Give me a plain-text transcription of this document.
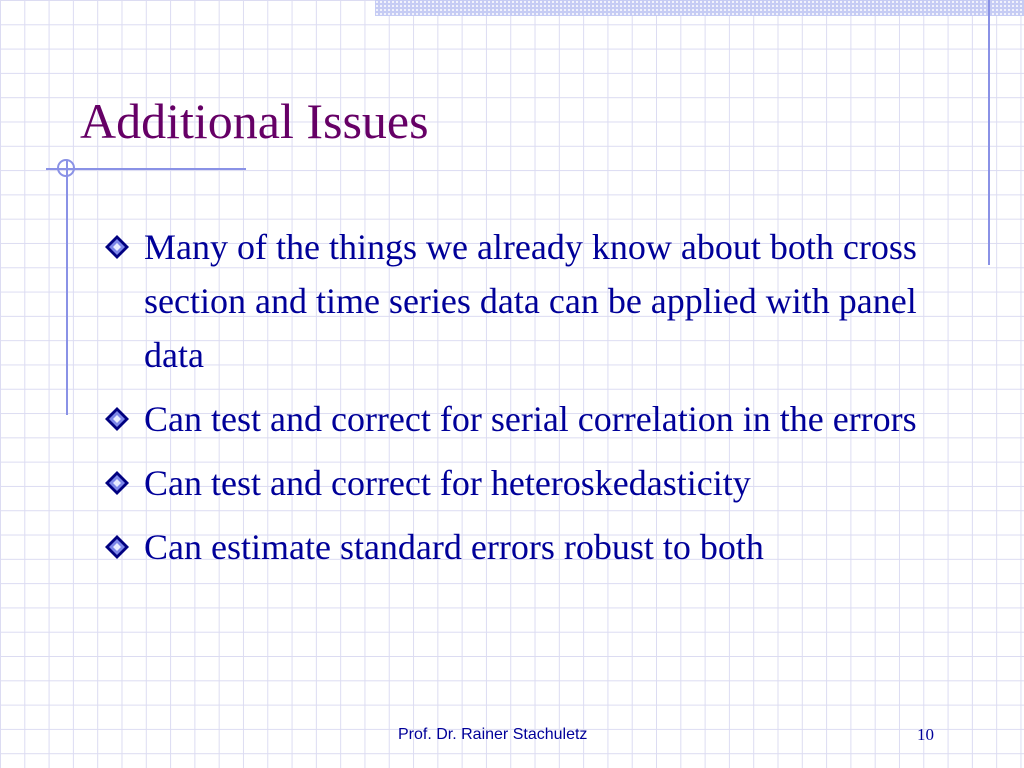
Additional Issues
Many of the things we already know about both cross section and time series data can be applied with panel data
Can test and correct for serial correlation in the errors
Can test and correct for heteroskedasticity
Can estimate standard errors robust to both
Prof. Dr. Rainer Stachuletz	10
